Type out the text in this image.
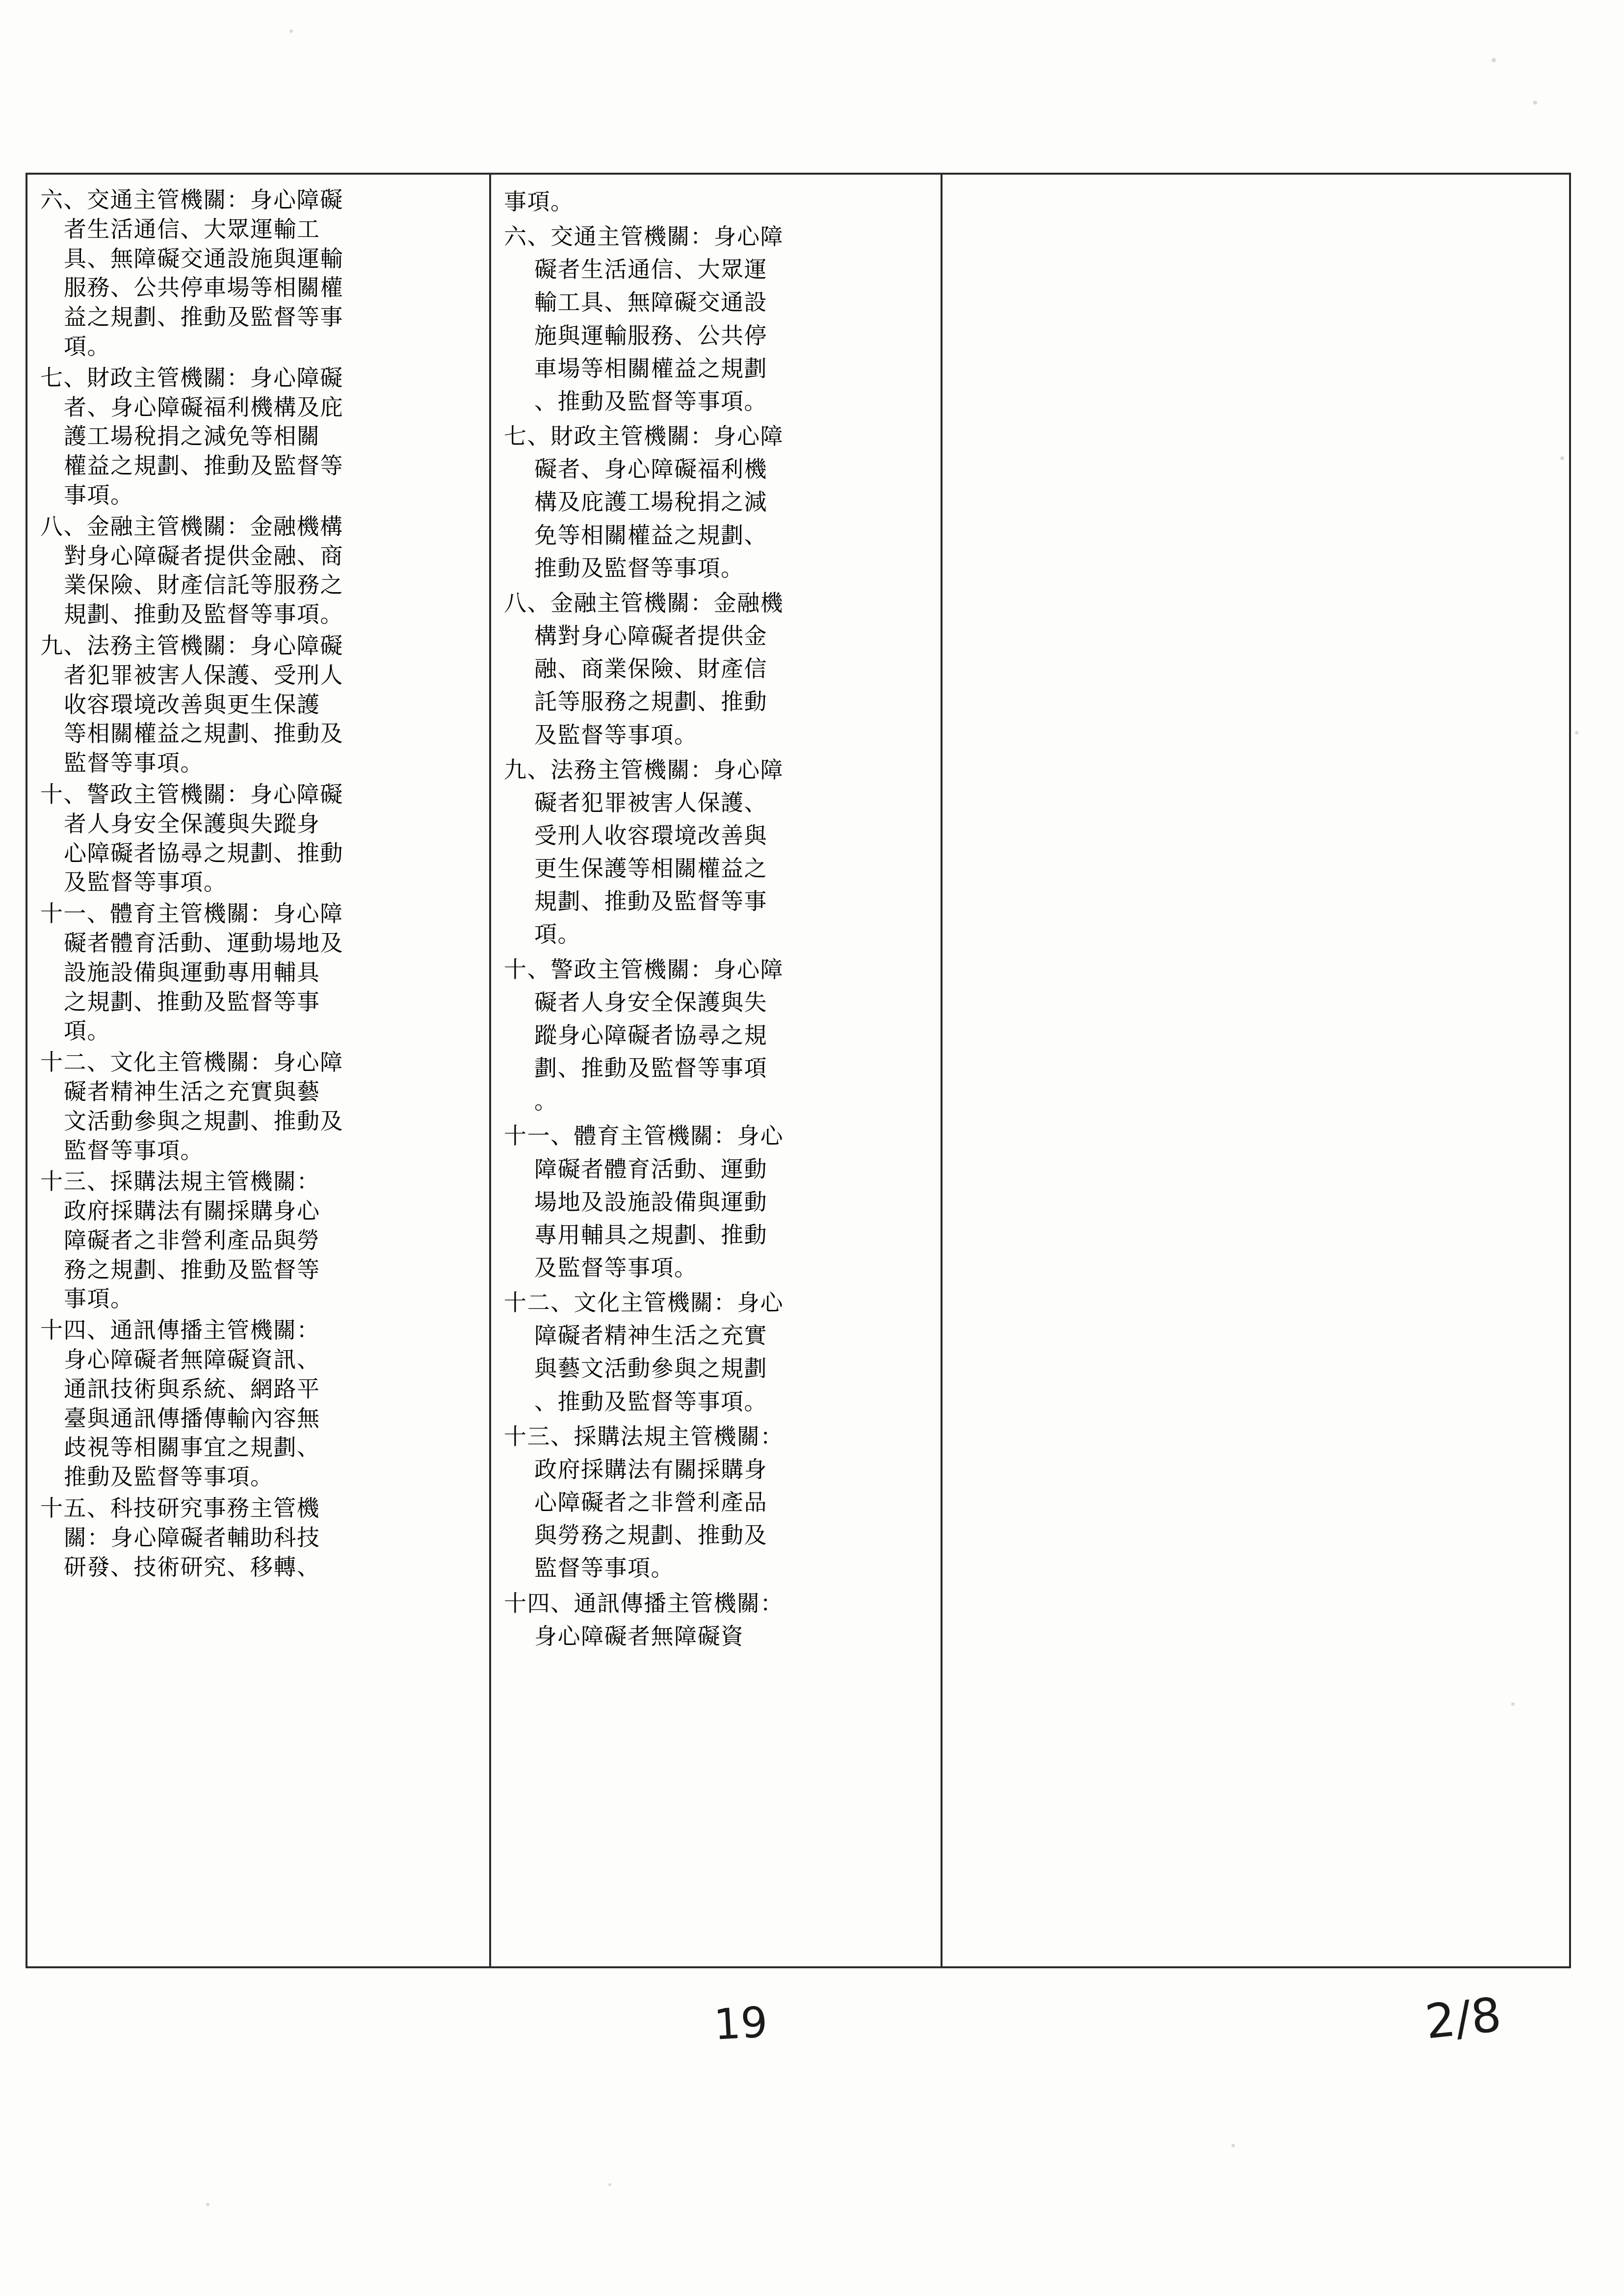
六、交通主管機關：身心障礙
者生活通信、大眾運輸工
具、無障礙交通設施與運輸
服務、公共停車場等相關權
益之規劃、推動及監督等事
項。
七、財政主管機關：身心障礙
者、身心障礙福利機構及庇
護工場稅捐之減免等相關
權益之規劃、推動及監督等
事項。
八、金融主管機關：金融機構
對身心障礙者提供金融、商
業保險、財產信託等服務之
規劃、推動及監督等事項。
九、法務主管機關：身心障礙
者犯罪被害人保護、受刑人
收容環境改善與更生保護
等相關權益之規劃、推動及
監督等事項。
十、警政主管機關：身心障礙
者人身安全保護與失蹤身
心障礙者協尋之規劃、推動
及監督等事項。
十一、體育主管機關：身心障
礙者體育活動、運動場地及
設施設備與運動專用輔具
之規劃、推動及監督等事
項。
十二、文化主管機關：身心障
礙者精神生活之充實與藝
文活動參與之規劃、推動及
監督等事項。
十三、採購法規主管機關：
政府採購法有關採購身心
障礙者之非營利產品與勞
務之規劃、推動及監督等
事項。
十四、通訊傳播主管機關：
身心障礙者無障礙資訊、
通訊技術與系統、網路平
臺與通訊傳播傳輸內容無
歧視等相關事宜之規劃、
推動及監督等事項。
十五、科技研究事務主管機
關：身心障礙者輔助科技
研發、技術研究、移轉、
事項。
六、交通主管機關：身心障
礙者生活通信、大眾運
輸工具、無障礙交通設
施與運輸服務、公共停
車場等相關權益之規劃
、推動及監督等事項。
七、財政主管機關：身心障
礙者、身心障礙福利機
構及庇護工場稅捐之減
免等相關權益之規劃、
推動及監督等事項。
八、金融主管機關：金融機
構對身心障礙者提供金
融、商業保險、財產信
託等服務之規劃、推動
及監督等事項。
九、法務主管機關：身心障
礙者犯罪被害人保護、
受刑人收容環境改善與
更生保護等相關權益之
規劃、推動及監督等事
項。
十、警政主管機關：身心障
礙者人身安全保護與失
蹤身心障礙者協尋之規
劃、推動及監督等事項
。
十一、體育主管機關：身心
障礙者體育活動、運動
場地及設施設備與運動
專用輔具之規劃、推動
及監督等事項。
十二、文化主管機關：身心
障礙者精神生活之充實
與藝文活動參與之規劃
、推動及監督等事項。
十三、採購法規主管機關：
政府採購法有關採購身
心障礙者之非營利產品
與勞務之規劃、推動及
監督等事項。
十四、通訊傳播主管機關：
身心障礙者無障礙資
19	2/8
